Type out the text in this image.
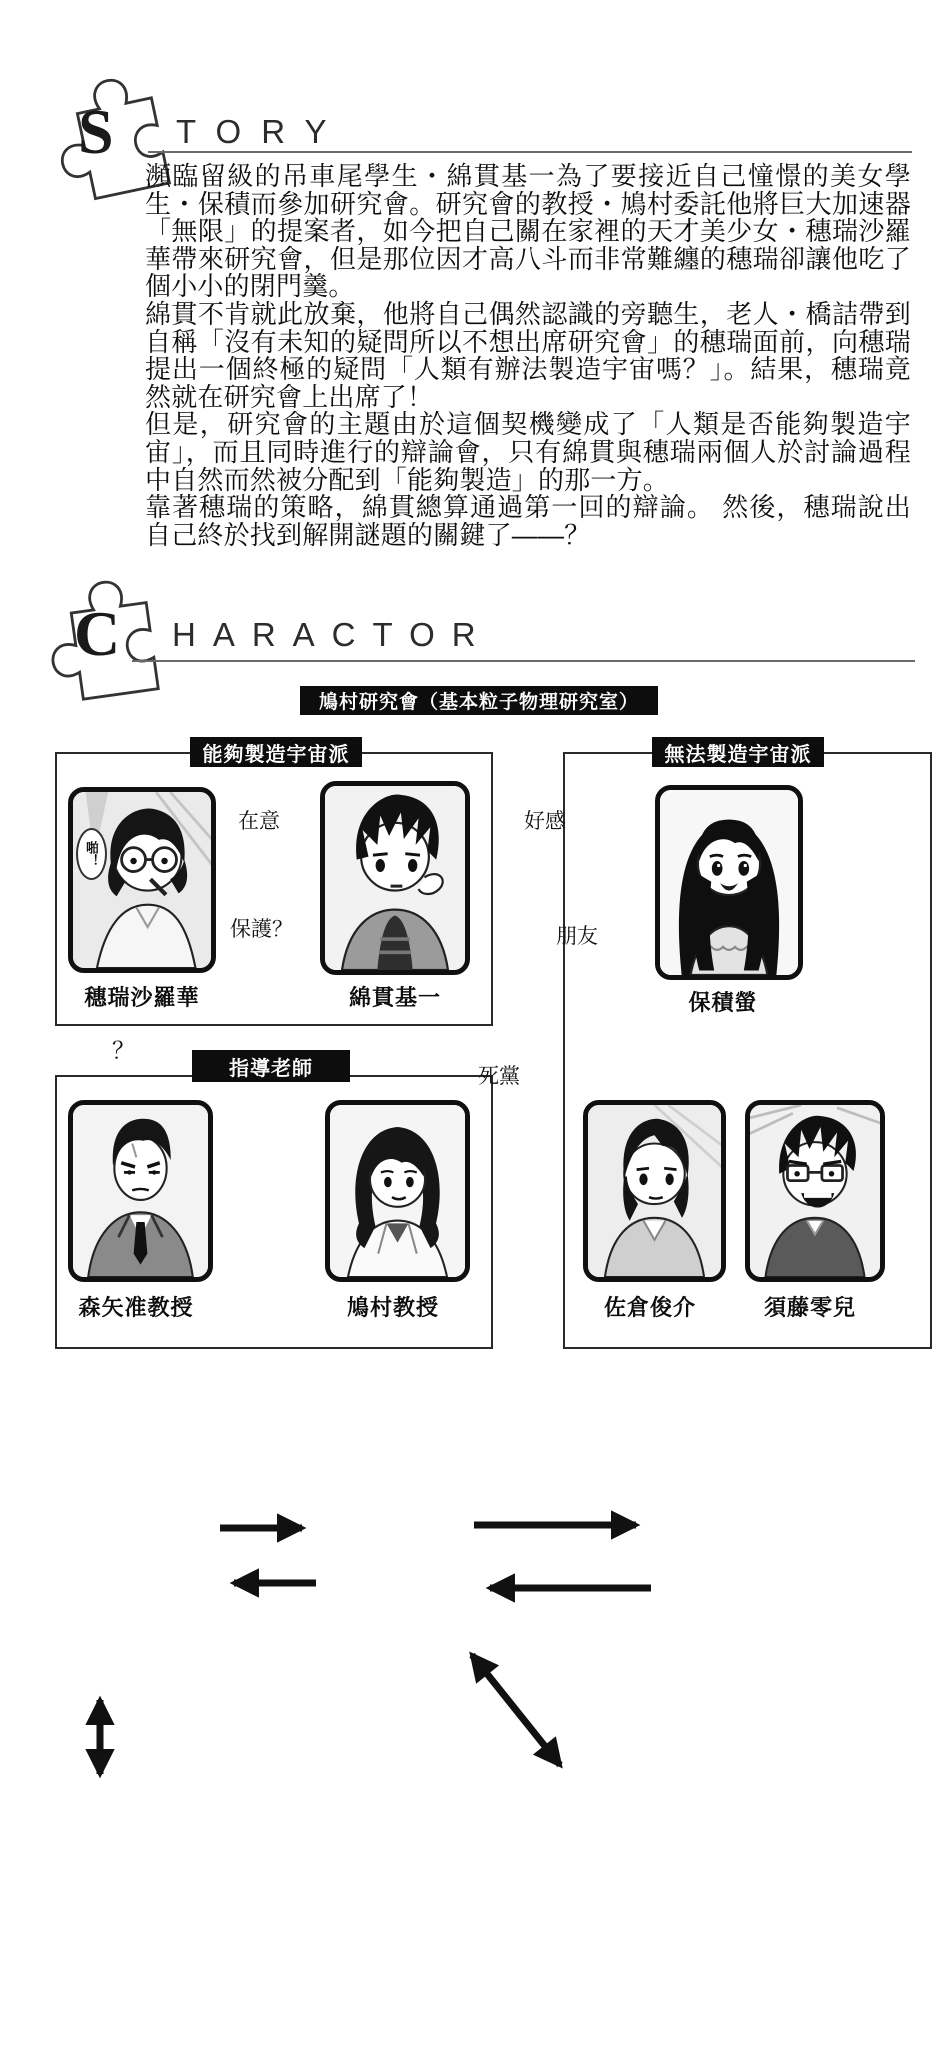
S TORY

瀕臨留級的吊車尾學生・綿貫基一為了要接近自己憧憬的美女學生・保積而參加研究會。研究會的教授・鳩村委託他將巨大加速器「無限」的提案者，如今把自己關在家裡的天才美少女・穗瑞沙羅華帶來研究會，但是那位因才高八斗而非常難纏的穗瑞卻讓他吃了個小小的閉門羹。

綿貫不肯就此放棄，他將自己偶然認識的旁聽生，老人・橋詰帶到自稱「沒有未知的疑問所以不想出席研究會」的穗瑞面前，向穗瑞提出一個終極的疑問「人類有辦法製造宇宙嗎？」。結果，穗瑞竟然就在研究會上出席了！

但是，研究會的主題由於這個契機變成了「人類是否能夠製造宇宙」，而且同時進行的辯論會，只有綿貫與穗瑞兩個人於討論過程中自然而然被分配到「能夠製造」的那一方。

靠著穗瑞的策略，綿貫總算通過第一回的辯論。 然後，穗瑞說出自己終於找到解開謎題的關鍵了——？

C HARACTOR
鳩村研究會（基本粒子物理研究室）
能夠製造宇宙派	無法製造宇宙派
指導老師
啪！
穗瑞沙羅華	綿貫基一	保積螢
森矢准教授	鳩村教授	佐倉俊介	須藤零兒
在意
保護？
好感
朋友
？
死黨
